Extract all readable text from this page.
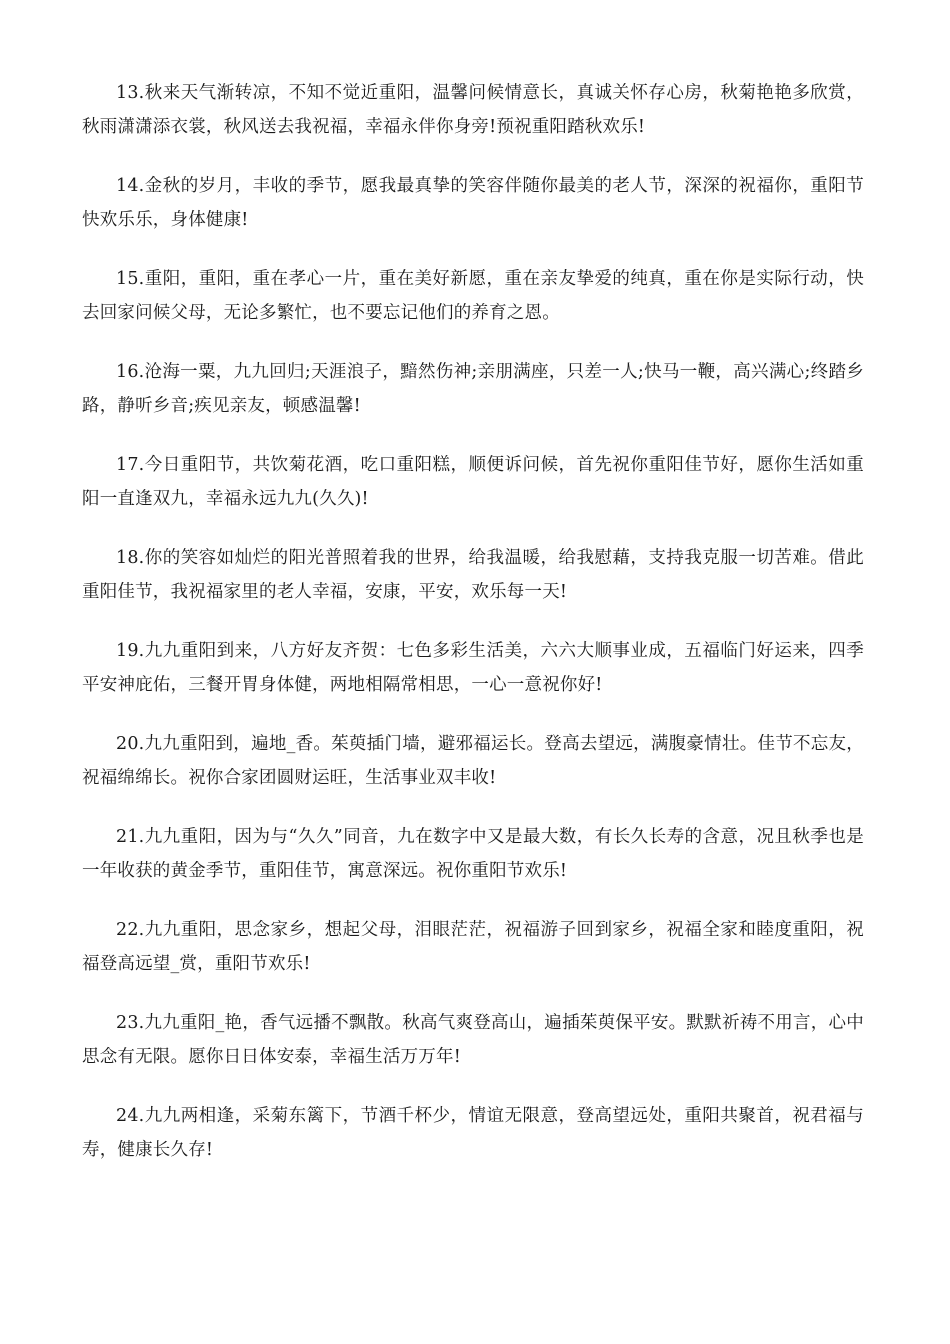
13.秋来天气渐转凉，不知不觉近重阳，温馨问候情意长，真诚关怀存心房，秋菊艳艳多欣赏，秋雨潇潇添衣裳，秋风送去我祝福，幸福永伴你身旁!预祝重阳踏秋欢乐!

14.金秋的岁月，丰收的季节，愿我最真挚的笑容伴随你最美的老人节，深深的祝福你，重阳节快欢乐乐，身体健康!

15.重阳，重阳，重在孝心一片，重在美好新愿，重在亲友挚爱的纯真，重在你是实际行动，快去回家问候父母，无论多繁忙，也不要忘记他们的养育之恩。

16.沧海一粟，九九回归;天涯浪子，黯然伤神;亲朋满座，只差一人;快马一鞭，高兴满心;终踏乡路，静听乡音;疾见亲友，顿感温馨!

17.今日重阳节，共饮菊花酒，吃口重阳糕，顺便诉问候，首先祝你重阳佳节好，愿你生活如重阳一直逢双九，幸福永远九九(久久)!

18.你的笑容如灿烂的阳光普照着我的世界，给我温暖，给我慰藉，支持我克服一切苦难。借此重阳佳节，我祝福家里的老人幸福，安康，平安，欢乐每一天!

19.九九重阳到来，八方好友齐贺：七色多彩生活美，六六大顺事业成，五福临门好运来，四季平安神庇佑，三餐开胃身体健，两地相隔常相思，一心一意祝你好!

20.九九重阳到，遍地_香。茱萸插门墙，避邪福运长。登高去望远，满腹豪情壮。佳节不忘友，祝福绵绵长。祝你合家团圆财运旺，生活事业双丰收!

21.九九重阳，因为与“久久”同音，九在数字中又是最大数，有长久长寿的含意，况且秋季也是一年收获的黄金季节，重阳佳节，寓意深远。祝你重阳节欢乐!

22.九九重阳，思念家乡，想起父母，泪眼茫茫，祝福游子回到家乡，祝福全家和睦度重阳，祝福登高远望_赏，重阳节欢乐!

23.九九重阳_艳，香气远播不飘散。秋高气爽登高山，遍插茱萸保平安。默默祈祷不用言，心中思念有无限。愿你日日体安泰，幸福生活万万年!

24.九九两相逢，采菊东篱下，节酒千杯少，情谊无限意，登高望远处，重阳共聚首，祝君福与寿，健康长久存!
